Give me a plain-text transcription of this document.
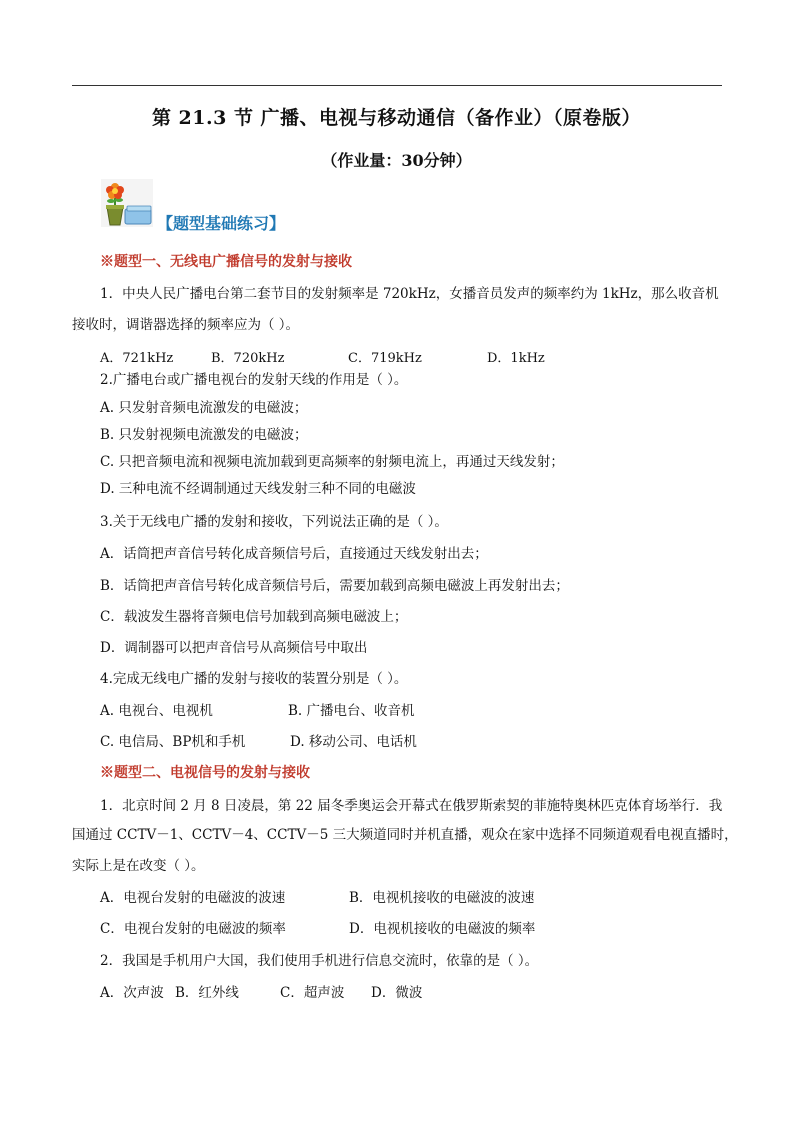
第 21.3 节 广播、电视与移动通信（备作业）（原卷版）
（作业量：30分钟）
【题型基础练习】
※题型一、无线电广播信号的发射与接收
1．中央人民广播电台第二套节目的发射频率是 720kHz，女播音员发声的频率约为 1kHz，那么收音机
接收时，调谐器选择的频率应为（ ）。
A．721kHz	B．720kHz	C．719kHz	D．1kHz
2.广播电台或广播电视台的发射天线的作用是（ ）。
A. 只发射音频电流激发的电磁波；
B. 只发射视频电流激发的电磁波；
C. 只把音频电流和视频电流加载到更高频率的射频电流上，再通过天线发射；
D. 三种电流不经调制通过天线发射三种不同的电磁波
3.关于无线电广播的发射和接收，下列说法正确的是（ ）。
A．话筒把声音信号转化成音频信号后，直接通过天线发射出去；
B．话筒把声音信号转化成音频信号后，需要加载到高频电磁波上再发射出去；
C．载波发生器将音频电信号加载到高频电磁波上；
D．调制器可以把声音信号从高频信号中取出
4.完成无线电广播的发射与接收的装置分别是（ ）。
A. 电视台、电视机	B. 广播电台、收音机
C. 电信局、BP机和手机	D. 移动公司、电话机
※题型二、电视信号的发射与接收
1．北京时间 2 月 8 日凌晨，第 22 届冬季奥运会开幕式在俄罗斯索契的菲施特奥林匹克体育场举行．我
国通过 CCTV－1、CCTV－4、CCTV－5 三大频道同时并机直播，观众在家中选择不同频道观看电视直播时，
实际上是在改变（ ）。
A．电视台发射的电磁波的波速	B．电视机接收的电磁波的波速
C．电视台发射的电磁波的频率	D．电视机接收的电磁波的频率
2．我国是手机用户大国，我们使用手机进行信息交流时，依靠的是（ ）。
A．次声波 B．红外线	C．超声波 D．微波
